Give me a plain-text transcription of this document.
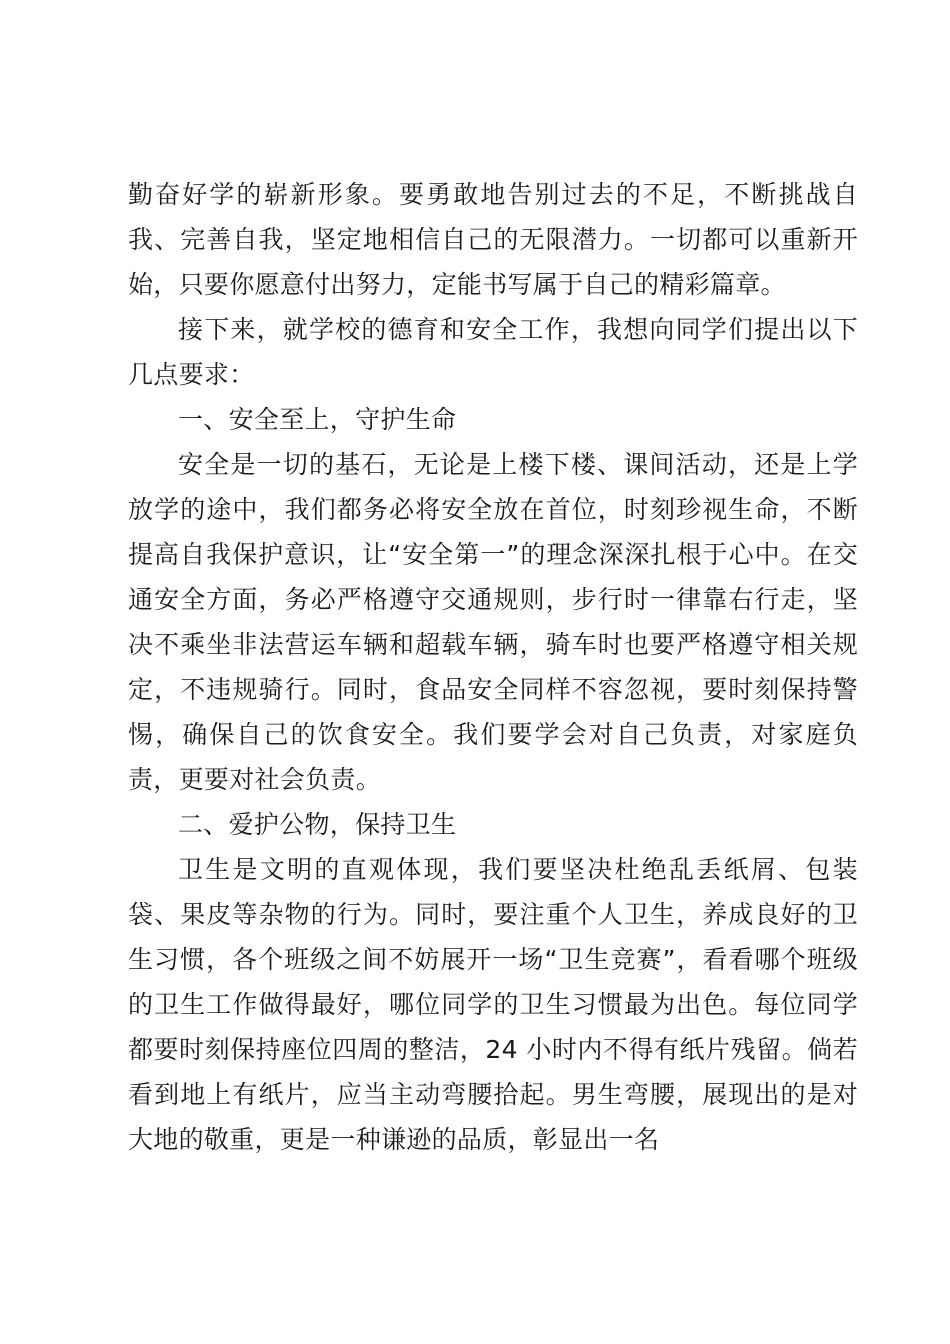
勤奋好学的崭新形象。要勇敢地告别过去的不足，不断挑战自我、完善自我，坚定地相信自己的无限潜力。一切都可以重新开始，只要你愿意付出努力，定能书写属于自己的精彩篇章。

接下来，就学校的德育和安全工作，我想向同学们提出以下几点要求：

一、安全至上，守护生命

安全是一切的基石，无论是上楼下楼、课间活动，还是上学放学的途中，我们都务必将安全放在首位，时刻珍视生命，不断提高自我保护意识，让“安全第一”的理念深深扎根于心中。在交通安全方面，务必严格遵守交通规则，步行时一律靠右行走，坚决不乘坐非法营运车辆和超载车辆，骑车时也要严格遵守相关规定，不违规骑行。同时，食品安全同样不容忽视，要时刻保持警惕，确保自己的饮食安全。我们要学会对自己负责，对家庭负责，更要对社会负责。

二、爱护公物，保持卫生

卫生是文明的直观体现，我们要坚决杜绝乱丢纸屑、包装袋、果皮等杂物的行为。同时，要注重个人卫生，养成良好的卫生习惯，各个班级之间不妨展开一场“卫生竞赛”，看看哪个班级的卫生工作做得最好，哪位同学的卫生习惯最为出色。每位同学都要时刻保持座位四周的整洁，24 小时内不得有纸片残留。倘若看到地上有纸片，应当主动弯腰拾起。男生弯腰，展现出的是对大地的敬重，更是一种谦逊的品质，彰显出一名
